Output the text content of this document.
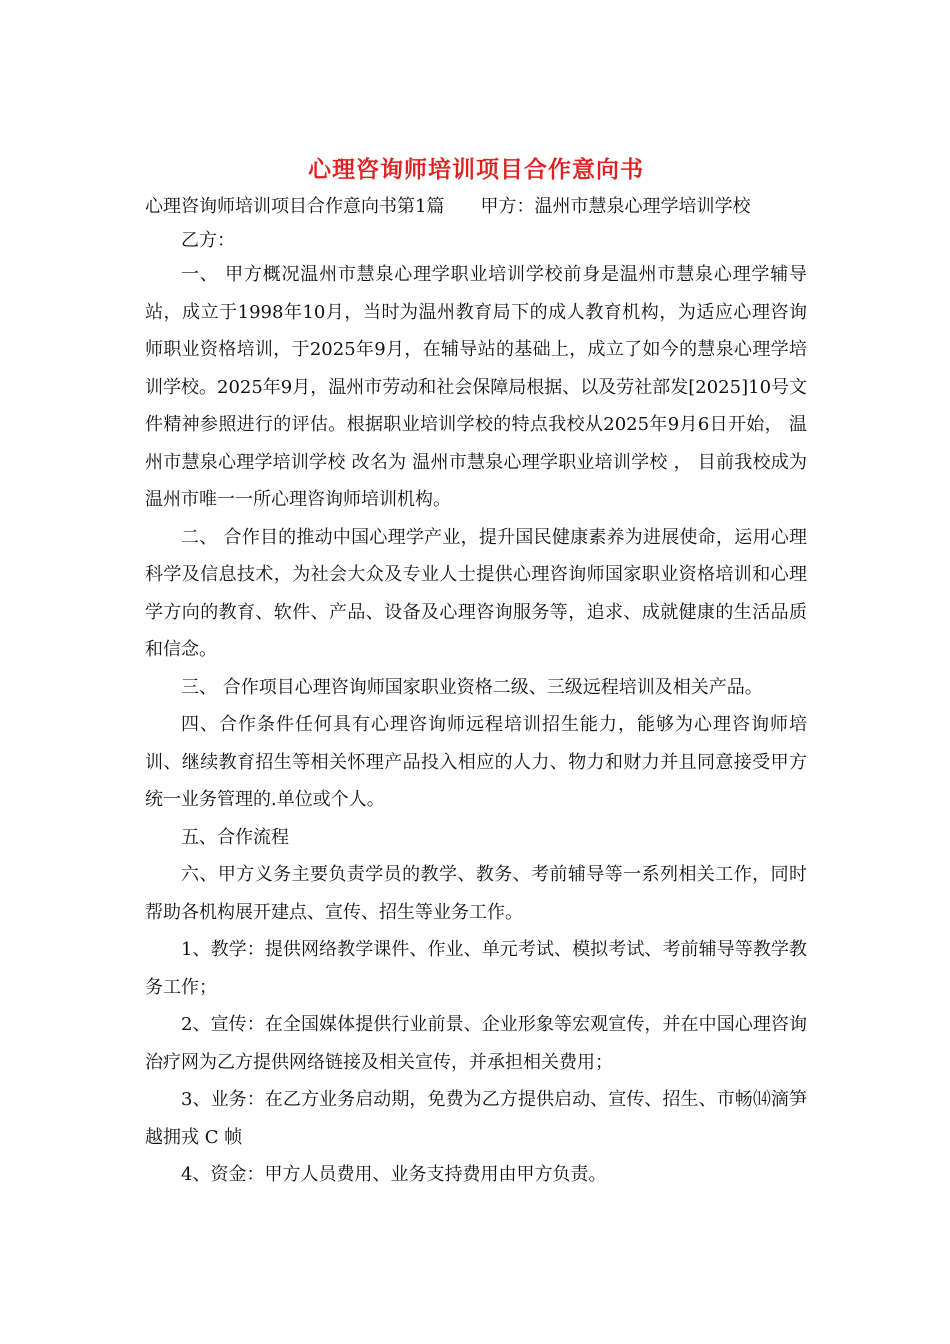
心理咨询师培训项目合作意向书

心理咨询师培训项目合作意向书第1篇 甲方：温州市慧泉心理学培训学校

乙方：

一、 甲方概况温州市慧泉心理学职业培训学校前身是温州市慧泉心理学辅导站，成立于1998年10月，当时为温州教育局下的成人教育机构，为适应心理咨询师职业资格培训，于2025年9月，在辅导站的基础上，成立了如今的慧泉心理学培训学校。2025年9月，温州市劳动和社会保障局根据、以及劳社部发[2025]10号文件精神参照进行的评估。根据职业培训学校的特点我校从2025年9月6日开始， 温州市慧泉心理学培训学校 改名为 温州市慧泉心理学职业培训学校 ， 目前我校成为温州市唯一一所心理咨询师培训机构。

二、 合作目的推动中国心理学产业，提升国民健康素养为进展使命，运用心理科学及信息技术，为社会大众及专业人士提供心理咨询师国家职业资格培训和心理学方向的教育、软件、产品、设备及心理咨询服务等，追求、成就健康的生活品质和信念。

三、 合作项目心理咨询师国家职业资格二级、三级远程培训及相关产品。

四、合作条件任何具有心理咨询师远程培训招生能力，能够为心理咨询师培训、继续教育招生等相关怀理产品投入相应的人力、物力和财力并且同意接受甲方统一业务管理的.单位或个人。

五、合作流程

六、甲方义务主要负责学员的教学、教务、考前辅导等一系列相关工作，同时帮助各机构展开建点、宣传、招生等业务工作。

1、教学：提供网络教学课件、作业、单元考试、模拟考试、考前辅导等教学教务工作；

2、宣传：在全国媒体提供行业前景、企业形象等宏观宣传，并在中国心理咨询治疗网为乙方提供网络链接及相关宣传，并承担相关费用；

3、业务：在乙方业务启动期，免费为乙方提供启动、宣传、招生、市畅⒁滴笋越拥戎 C 帧

4、资金：甲方人员费用、业务支持费用由甲方负责。
